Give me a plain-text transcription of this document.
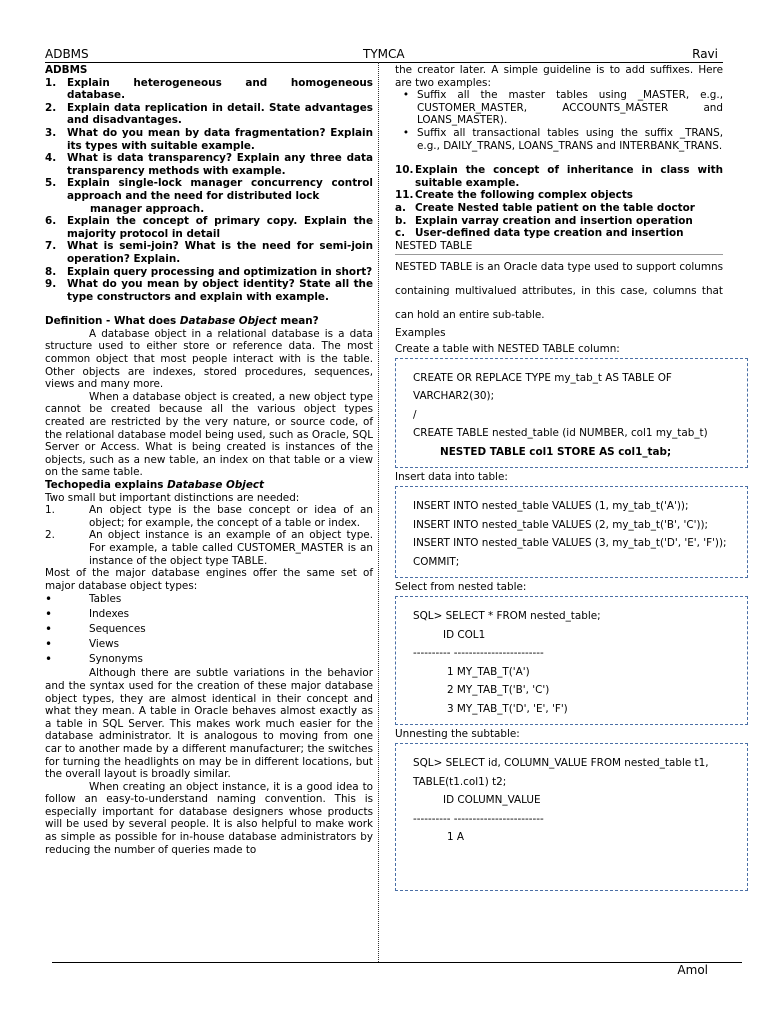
ADBMS	TYMCA	Ravi
ADBMS
1.	Explain heterogeneous and homogeneous database.
2.	Explain data replication in detail. State advantages and disadvantages.
3.	What do you mean by data fragmentation? Explain its types with suitable example.
4.	What is data transparency? Explain any three data transparency methods with example.
5.	Explain single-lock manager concurrency control approach and the need for distributed lock
manager approach.
6.	Explain the concept of primary copy. Explain the majority protocol in detail
7.	What is semi-join? What is the need for semi-join operation? Explain.
8.	Explain query processing and optimization in short?
9.	What do you mean by object identity? State all the type constructors and explain with example.
Definition - What does Database Object mean?

A database object in a relational database is a data structure used to either store or reference data. The most common object that most people interact with is the table. Other objects are indexes, stored procedures, sequences, views and many more.

When a database object is created, a new object type cannot be created because all the various object types created are restricted by the very nature, or source code, of the relational database model being used, such as Oracle, SQL Server or Access. What is being created is instances of the objects, such as a new table, an index on that table or a view on the same table.

Techopedia explains Database Object

Two small but important distinctions are needed:

1.	An object type is the base concept or idea of an object; for example, the concept of a table or index.
2.	An object instance is an example of an object type. For example, a table called CUSTOMER_MASTER is an instance of the object type TABLE.

Most of the major database engines offer the same set of major database object types:

•	Tables
•	Indexes
•	Sequences
•	Views
•	Synonyms

Although there are subtle variations in the behavior and the syntax used for the creation of these major database object types, they are almost identical in their concept and what they mean. A table in Oracle behaves almost exactly as a table in SQL Server. This makes work much easier for the database administrator. It is analogous to moving from one car to another made by a different manufacturer; the switches for turning the headlights on may be in different locations, but the overall layout is broadly similar.

When creating an object instance, it is a good idea to follow an easy-to-understand naming convention. This is especially important for database designers whose products will be used by several people. It is also helpful to make work as simple as possible for in-house database administrators by reducing the number of queries made to

the creator later. A simple guideline is to add suffixes. Here are two examples:

• Suffix all the master tables using _MASTER, e.g., CUSTOMER_MASTER, ACCOUNTS_MASTER and LOANS_MASTER).
• Suffix all transactional tables using the suffix _TRANS, e.g., DAILY_TRANS, LOANS_TRANS and INTERBANK_TRANS.
10. Explain the concept of inheritance in class with suitable example.
11. Create the following complex objects
a. Create Nested table patient on the table doctor
b. Explain varray creation and insertion operation
c. User-defined data type creation and insertion
NESTED TABLE

NESTED TABLE is an Oracle data type used to support columns containing multivalued attributes, in this case, columns that can hold an entire sub-table.

Examples
Create a table with NESTED TABLE column:
CREATE OR REPLACE TYPE my_tab_t AS TABLE OF VARCHAR2(30);
/
CREATE TABLE nested_table (id NUMBER, col1 my_tab_t)
NESTED TABLE col1 STORE AS col1_tab;
Insert data into table:
INSERT INTO nested_table VALUES (1, my_tab_t('A'));
INSERT INTO nested_table VALUES (2, my_tab_t('B', 'C'));
INSERT INTO nested_table VALUES (3, my_tab_t('D', 'E', 'F'));
COMMIT;
Select from nested table:
SQL> SELECT * FROM nested_table;
ID COL1
---------- ------------------------
1 MY_TAB_T('A')
2 MY_TAB_T('B', 'C')
3 MY_TAB_T('D', 'E', 'F')
Unnesting the subtable:
SQL> SELECT id, COLUMN_VALUE FROM nested_table t1, TABLE(t1.col1) t2;
ID COLUMN_VALUE
---------- ------------------------
1 A
Amol
